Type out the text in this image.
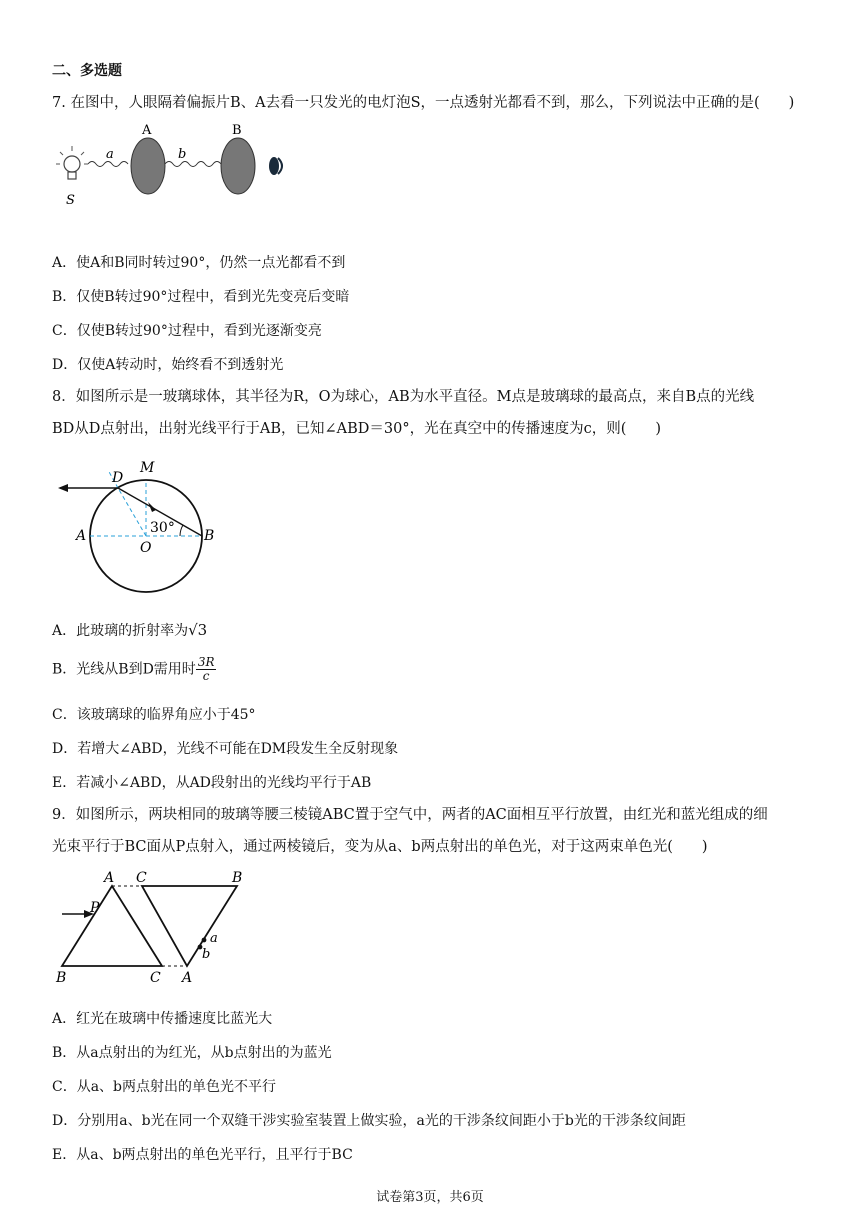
二、多选题
7. 在图中，人眼隔着偏振片B、A去看一只发光的电灯泡S，一点透射光都看不到，那么，下列说法中正确的是(　　)
a	b
A	B
S
A．使A和B同时转过90°，仍然一点光都看不到
B．仅使B转过90°过程中，看到光先变亮后变暗
C．仅使B转过90°过程中，看到光逐渐变亮
D．仅使A转动时，始终看不到透射光
8．如图所示是一玻璃球体，其半径为R，O为球心，AB为水平直径。M点是玻璃球的最高点，来自B点的光线
BD从D点射出，出射光线平行于AB，已知∠ABD＝30°，光在真空中的传播速度为c，则(　　)
D
M
A
O
B
30°
A．此玻璃的折射率为√3
B．光线从B到D需用时 $\frac{3R}{c}$
C．该玻璃球的临界角应小于45°
D．若增大∠ABD，光线不可能在DM段发生全反射现象
E．若减小∠ABD，从AD段射出的光线均平行于AB
9．如图所示，两块相同的玻璃等腰三棱镜ABC置于空气中，两者的AC面相互平行放置，由红光和蓝光组成的细
光束平行于BC面从P点射入，通过两棱镜后，变为从a、b两点射出的单色光，对于这两束单色光(　　)
A C	B
P
B	C A
a
b
A．红光在玻璃中传播速度比蓝光大
B．从a点射出的为红光，从b点射出的为蓝光
C．从a、b两点射出的单色光不平行
D．分别用a、b光在同一个双缝干涉实验室装置上做实验，a光的干涉条纹间距小于b光的干涉条纹间距
E．从a、b两点射出的单色光平行，且平行于BC
试卷第3页，共6页
